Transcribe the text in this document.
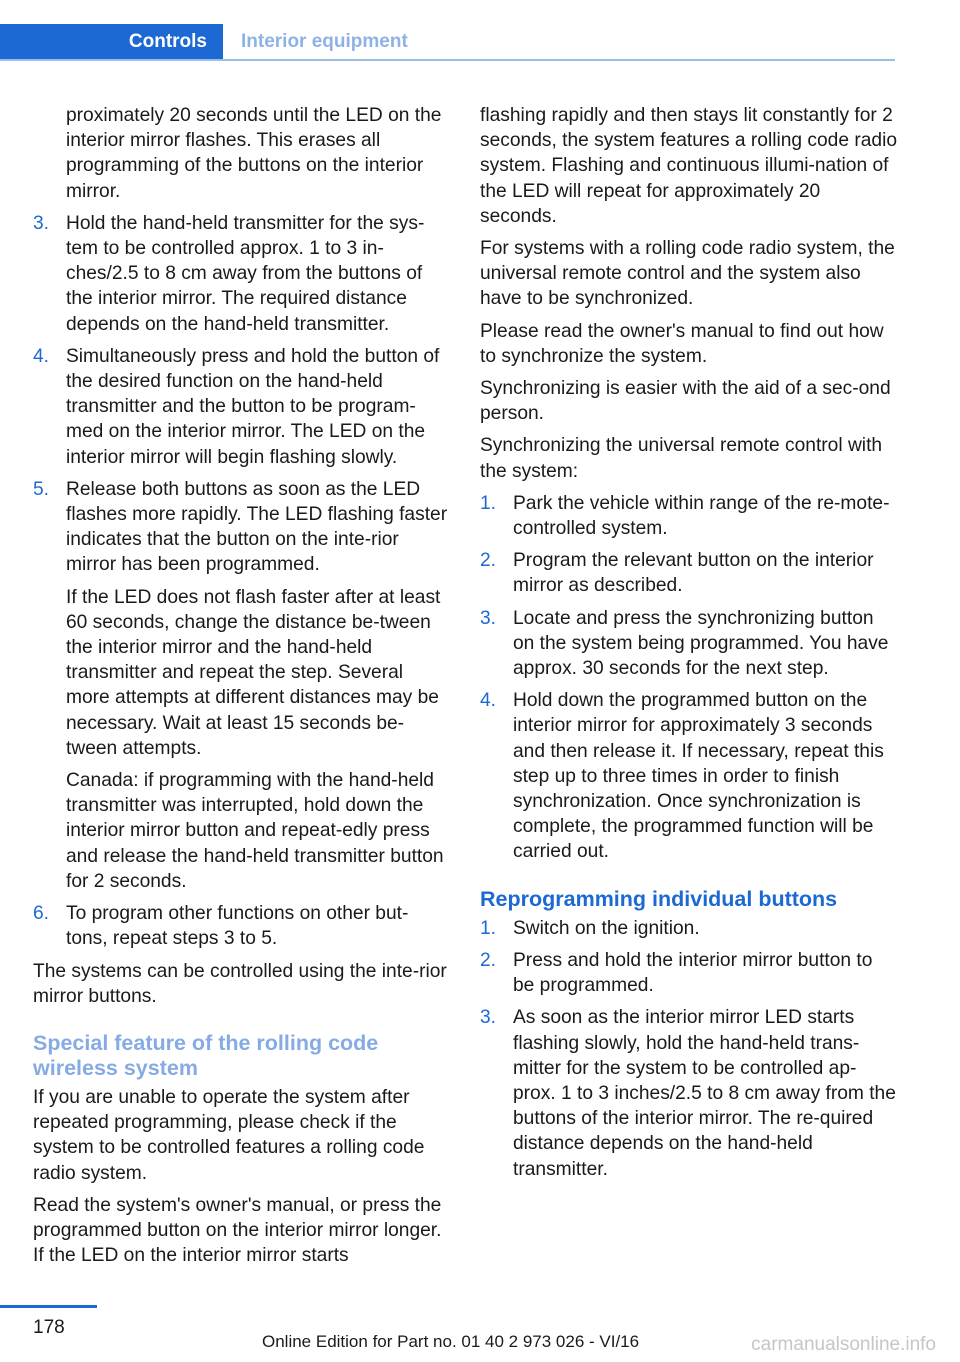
Controls	Interior equipment

proximately 20 seconds until the LED on the interior mirror flashes. This erases all programming of the buttons on the interior mirror.

3. Hold the hand-held transmitter for the sys‐tem to be controlled approx. 1 to 3 in‐ches/2.5 to 8 cm away from the buttons of the interior mirror. The required distance depends on the hand-held transmitter.

4. Simultaneously press and hold the button of the desired function on the hand-held transmitter and the button to be program‐med on the interior mirror. The LED on the interior mirror will begin flashing slowly.

5. Release both buttons as soon as the LED flashes more rapidly. The LED flashing faster indicates that the button on the inte‐rior mirror has been programmed.

If the LED does not flash faster after at least 60 seconds, change the distance be‐tween the interior mirror and the hand-held transmitter and repeat the step. Several more attempts at different distances may be necessary. Wait at least 15 seconds be‐tween attempts.

Canada: if programming with the hand-held transmitter was interrupted, hold down the interior mirror button and repeat‐edly press and release the hand-held transmitter button for 2 seconds.

6. To program other functions on other but‐tons, repeat steps 3 to 5.

The systems can be controlled using the inte‐rior mirror buttons.

Special feature of the rolling code wireless system

If you are unable to operate the system after repeated programming, please check if the system to be controlled features a rolling code radio system.

Read the system's owner's manual, or press the programmed button on the interior mirror longer. If the LED on the interior mirror starts

flashing rapidly and then stays lit constantly for 2 seconds, the system features a rolling code radio system. Flashing and continuous illumi‐nation of the LED will repeat for approximately 20 seconds.

For systems with a rolling code radio system, the universal remote control and the system also have to be synchronized.

Please read the owner's manual to find out how to synchronize the system.

Synchronizing is easier with the aid of a sec‐ond person.

Synchronizing the universal remote control with the system:

1. Park the vehicle within range of the re‐mote-controlled system.
2. Program the relevant button on the interior mirror as described.
3. Locate and press the synchronizing button on the system being programmed. You have approx. 30 seconds for the next step.
4. Hold down the programmed button on the interior mirror for approximately 3 seconds and then release it. If necessary, repeat this step up to three times in order to finish synchronization. Once synchronization is complete, the programmed function will be carried out.
Reprogramming individual buttons
1. Switch on the ignition.
2. Press and hold the interior mirror button to be programmed.
3. As soon as the interior mirror LED starts flashing slowly, hold the hand-held trans‐mitter for the system to be controlled ap‐prox. 1 to 3 inches/2.5 to 8 cm away from the buttons of the interior mirror. The re‐quired distance depends on the hand-held transmitter.
178
Online Edition for Part no. 01 40 2 973 026 - VI/16	carmanualsonline.info
